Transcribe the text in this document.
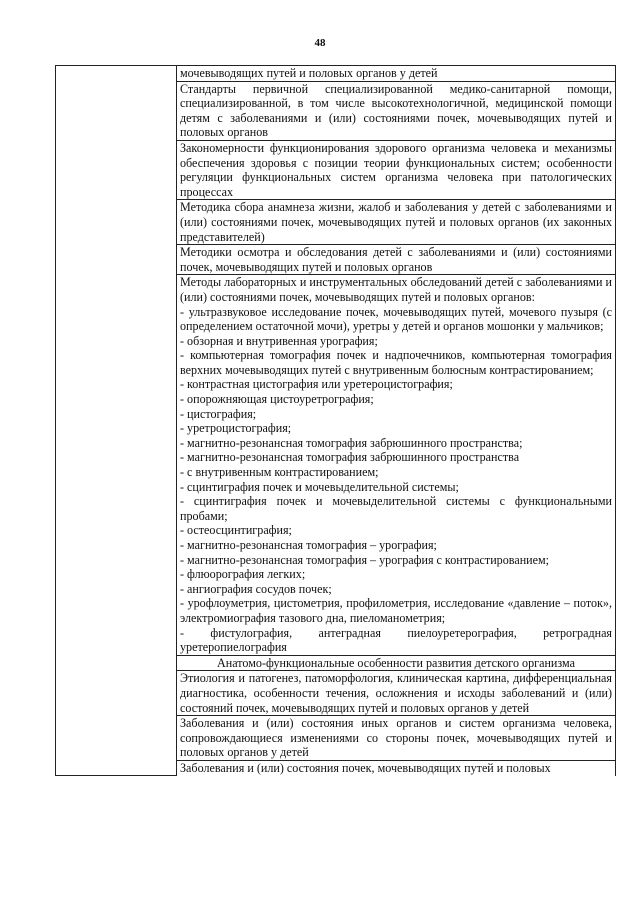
48
	мочевыводящих путей и половых органов у детей
Стандарты первичной специализированной медико-санитарной помощи, специализированной, в том числе высокотехнологичной, медицинской помощи детям с заболеваниями и (или) состояниями почек, мочевыводящих путей и половых органов
Закономерности функционирования здорового организма человека и механизмы обеспечения здоровья с позиции теории функциональных систем; особенности регуляции функциональных систем организма человека при патологических процессах
Методика сбора анамнеза жизни, жалоб и заболевания у детей с заболеваниями и (или) состояниями почек, мочевыводящих путей и половых органов (их законных представителей)
Методики осмотра и обследования детей с заболеваниями и (или) состояниями почек, мочевыводящих путей и половых органов

Методы лабораторных и инструментальных обследований детей с заболеваниями и (или) состояниями почек, мочевыводящих путей и половых органов:
- ультразвуковое исследование почек, мочевыводящих путей, мочевого пузыря (с определением остаточной мочи), уретры у детей и органов мошонки у мальчиков;
- обзорная и внутривенная урография;
- компьютерная томография почек и надпочечников, компьютерная томография верхних мочевыводящих путей с внутривенным болюсным контрастированием;
- контрастная цистография или уретероцистография;
- опорожняющая цистоуретрография;
- цистография;
- уретроцистография;
- магнитно-резонансная томография забрюшинного пространства;
- магнитно-резонансная томография забрюшинного пространства
- с внутривенным контрастированием;
- сцинтиграфия почек и мочевыделительной системы;
- сцинтиграфия почек и мочевыделительной системы с функциональными пробами;
- остеосцинтиграфия;
- магнитно-резонансная томография – урография;
- магнитно-резонансная томография – урография с контрастированием;
- флюорография легких;
- ангиография сосудов почек;
- урофлоуметрия, цистометрия, профилометрия, исследование «давление – поток», электромиография тазового дна, пиеломанометрия;
- фистулография, антеградная пиелоуретерография, ретроградная уретеропиелография

Анатомо-функциональные особенности развития детского организма
Этиология и патогенез, патоморфология, клиническая картина, дифференциальная диагностика, особенности течения, осложнения и исходы заболеваний и (или) состояний почек, мочевыводящих путей и половых органов у детей
Заболевания и (или) состояния иных органов и систем организма человека, сопровождающиеся изменениями со стороны почек, мочевыводящих путей и половых органов у детей
Заболевания и (или) состояния почек, мочевыводящих путей и половых
